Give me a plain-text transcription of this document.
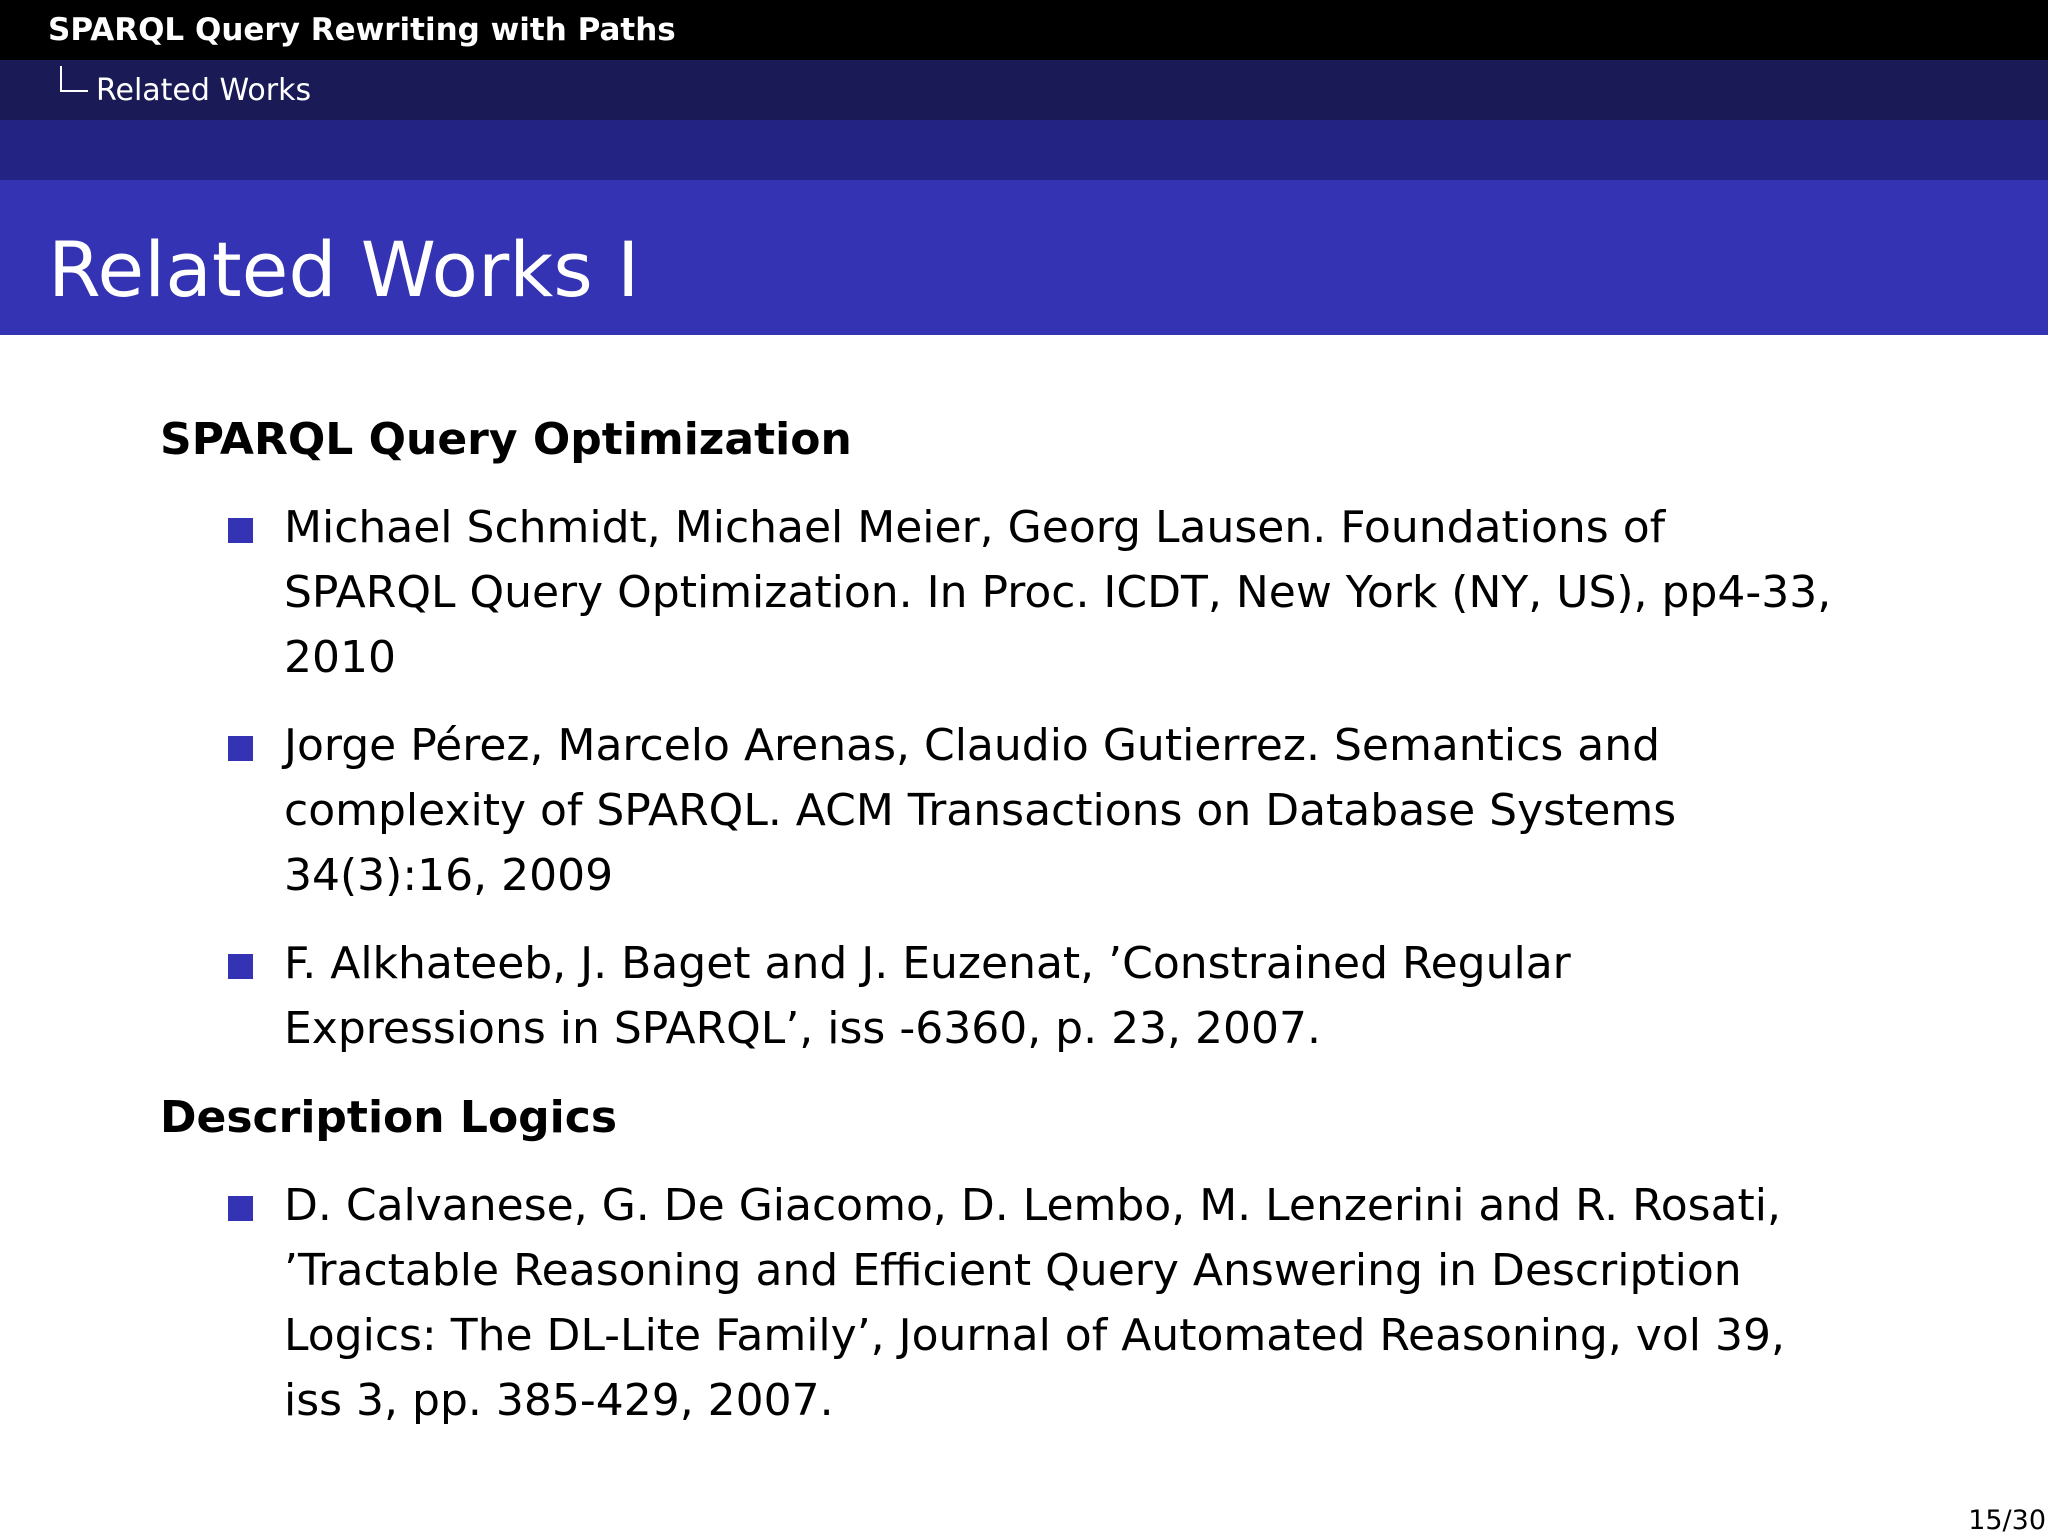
SPARQL Query Rewriting with Paths
Related Works
Related Works I
SPARQL Query Optimization
Michael Schmidt, Michael Meier, Georg Lausen. Foundations of
SPARQL Query Optimization. In Proc. ICDT, New York (NY, US), pp4-33,
2010
Jorge Pérez, Marcelo Arenas, Claudio Gutierrez. Semantics and
complexity of SPARQL. ACM Transactions on Database Systems
34(3):16, 2009
F. Alkhateeb, J. Baget and J. Euzenat, ’Constrained Regular
Expressions in SPARQL’, iss -6360, p. 23, 2007.
Description Logics
D. Calvanese, G. De Giacomo, D. Lembo, M. Lenzerini and R. Rosati,
’Tractable Reasoning and Efficient Query Answering in Description
Logics: The DL-Lite Family’, Journal of Automated Reasoning, vol 39,
iss 3, pp. 385-429, 2007.
15/30
